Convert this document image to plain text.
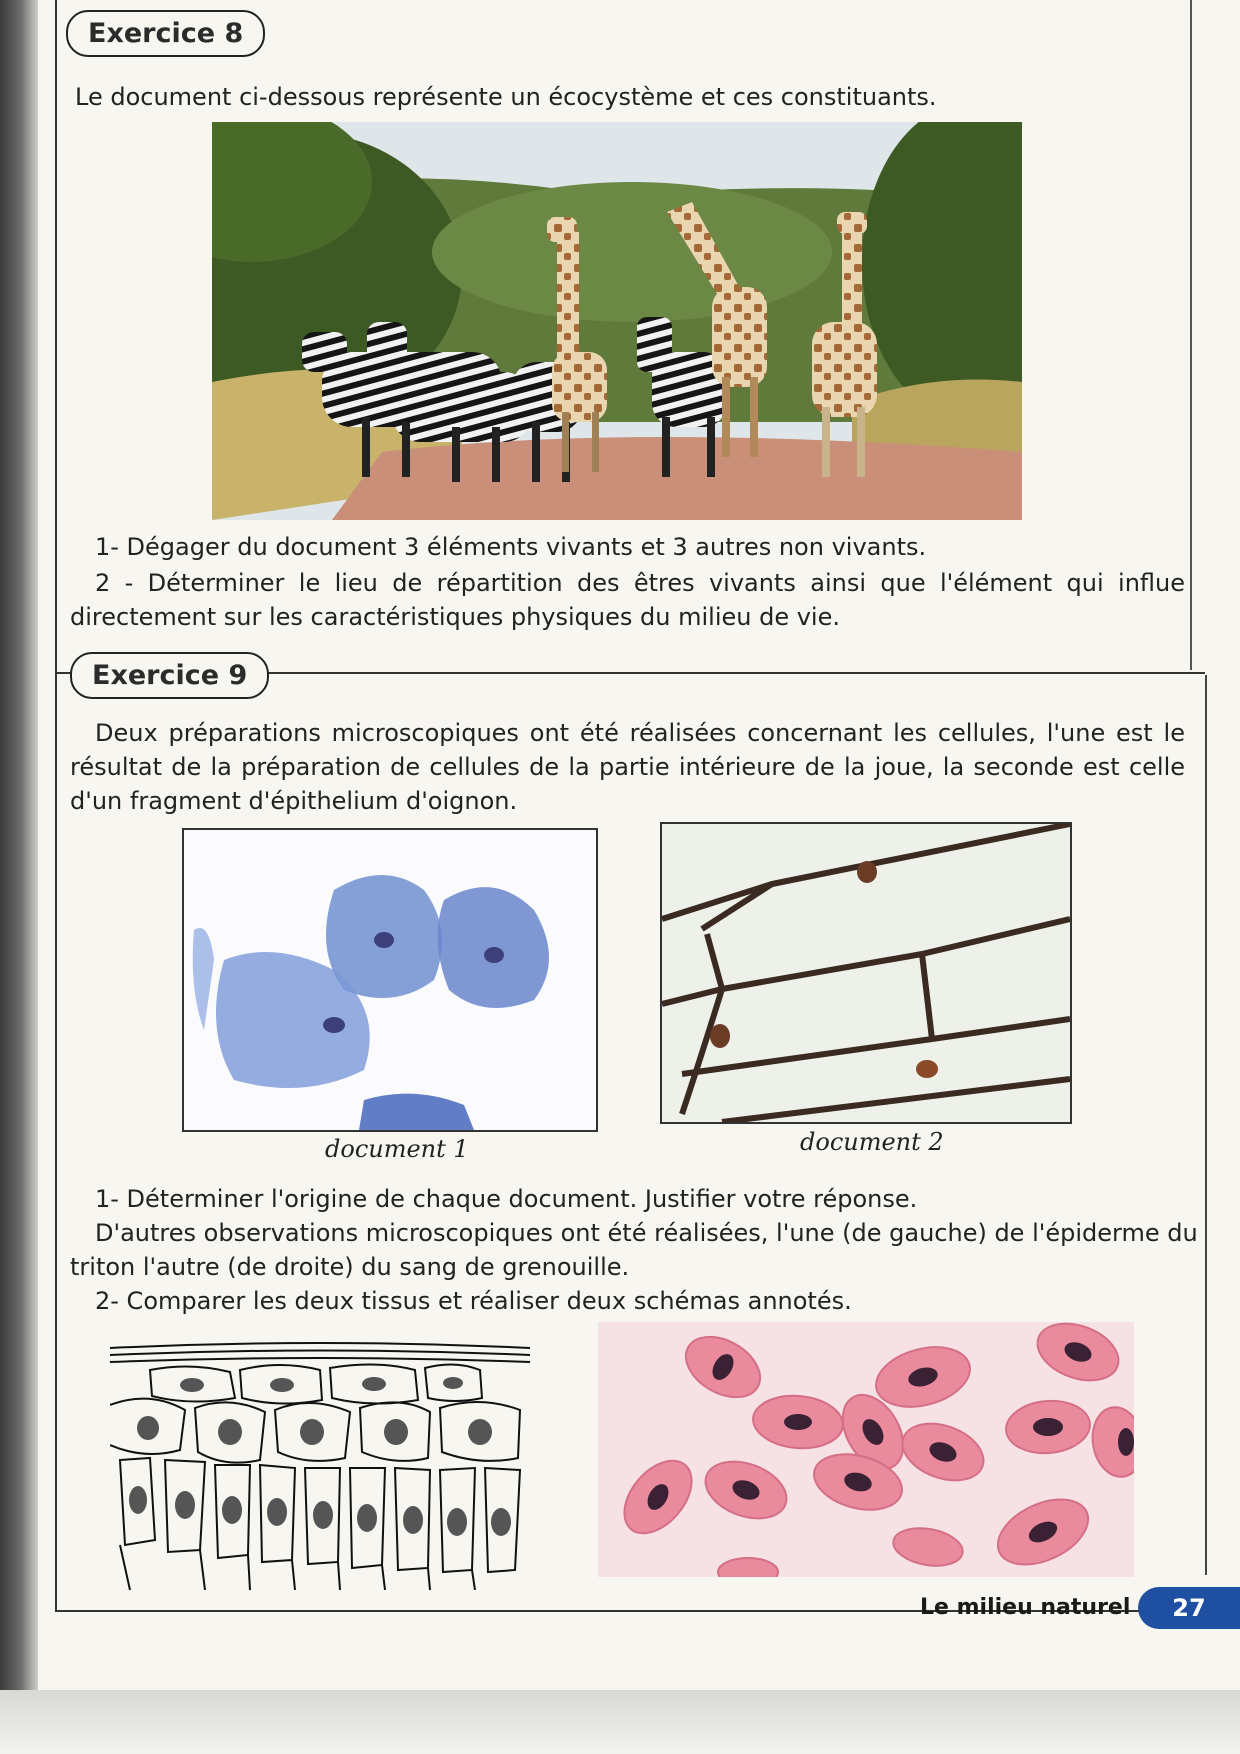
Exercice 8
Le document ci-dessous représente un écocystème et ces constituants.
1- Dégager du document 3 éléments vivants et 3 autres non vivants.
2 - Déterminer le lieu de répartition des êtres vivants ainsi que l'élément qui influe directement sur les caractéristiques physiques du milieu de vie.
Exercice 9
Deux préparations microscopiques ont été réalisées concernant les cellules, l'une est le résultat de la préparation de cellules de la partie intérieure de la joue, la seconde est celle d'un fragment d'épithelium d'oignon.
document 1	document 2
1- Déterminer l'origine de chaque document. Justifier votre réponse.
D'autres observations microscopiques ont été réalisées, l'une (de gauche) de l'épiderme du triton l'autre (de droite) du sang de grenouille.
2- Comparer les deux tissus et réaliser deux schémas annotés.
Le milieu naturel	27
